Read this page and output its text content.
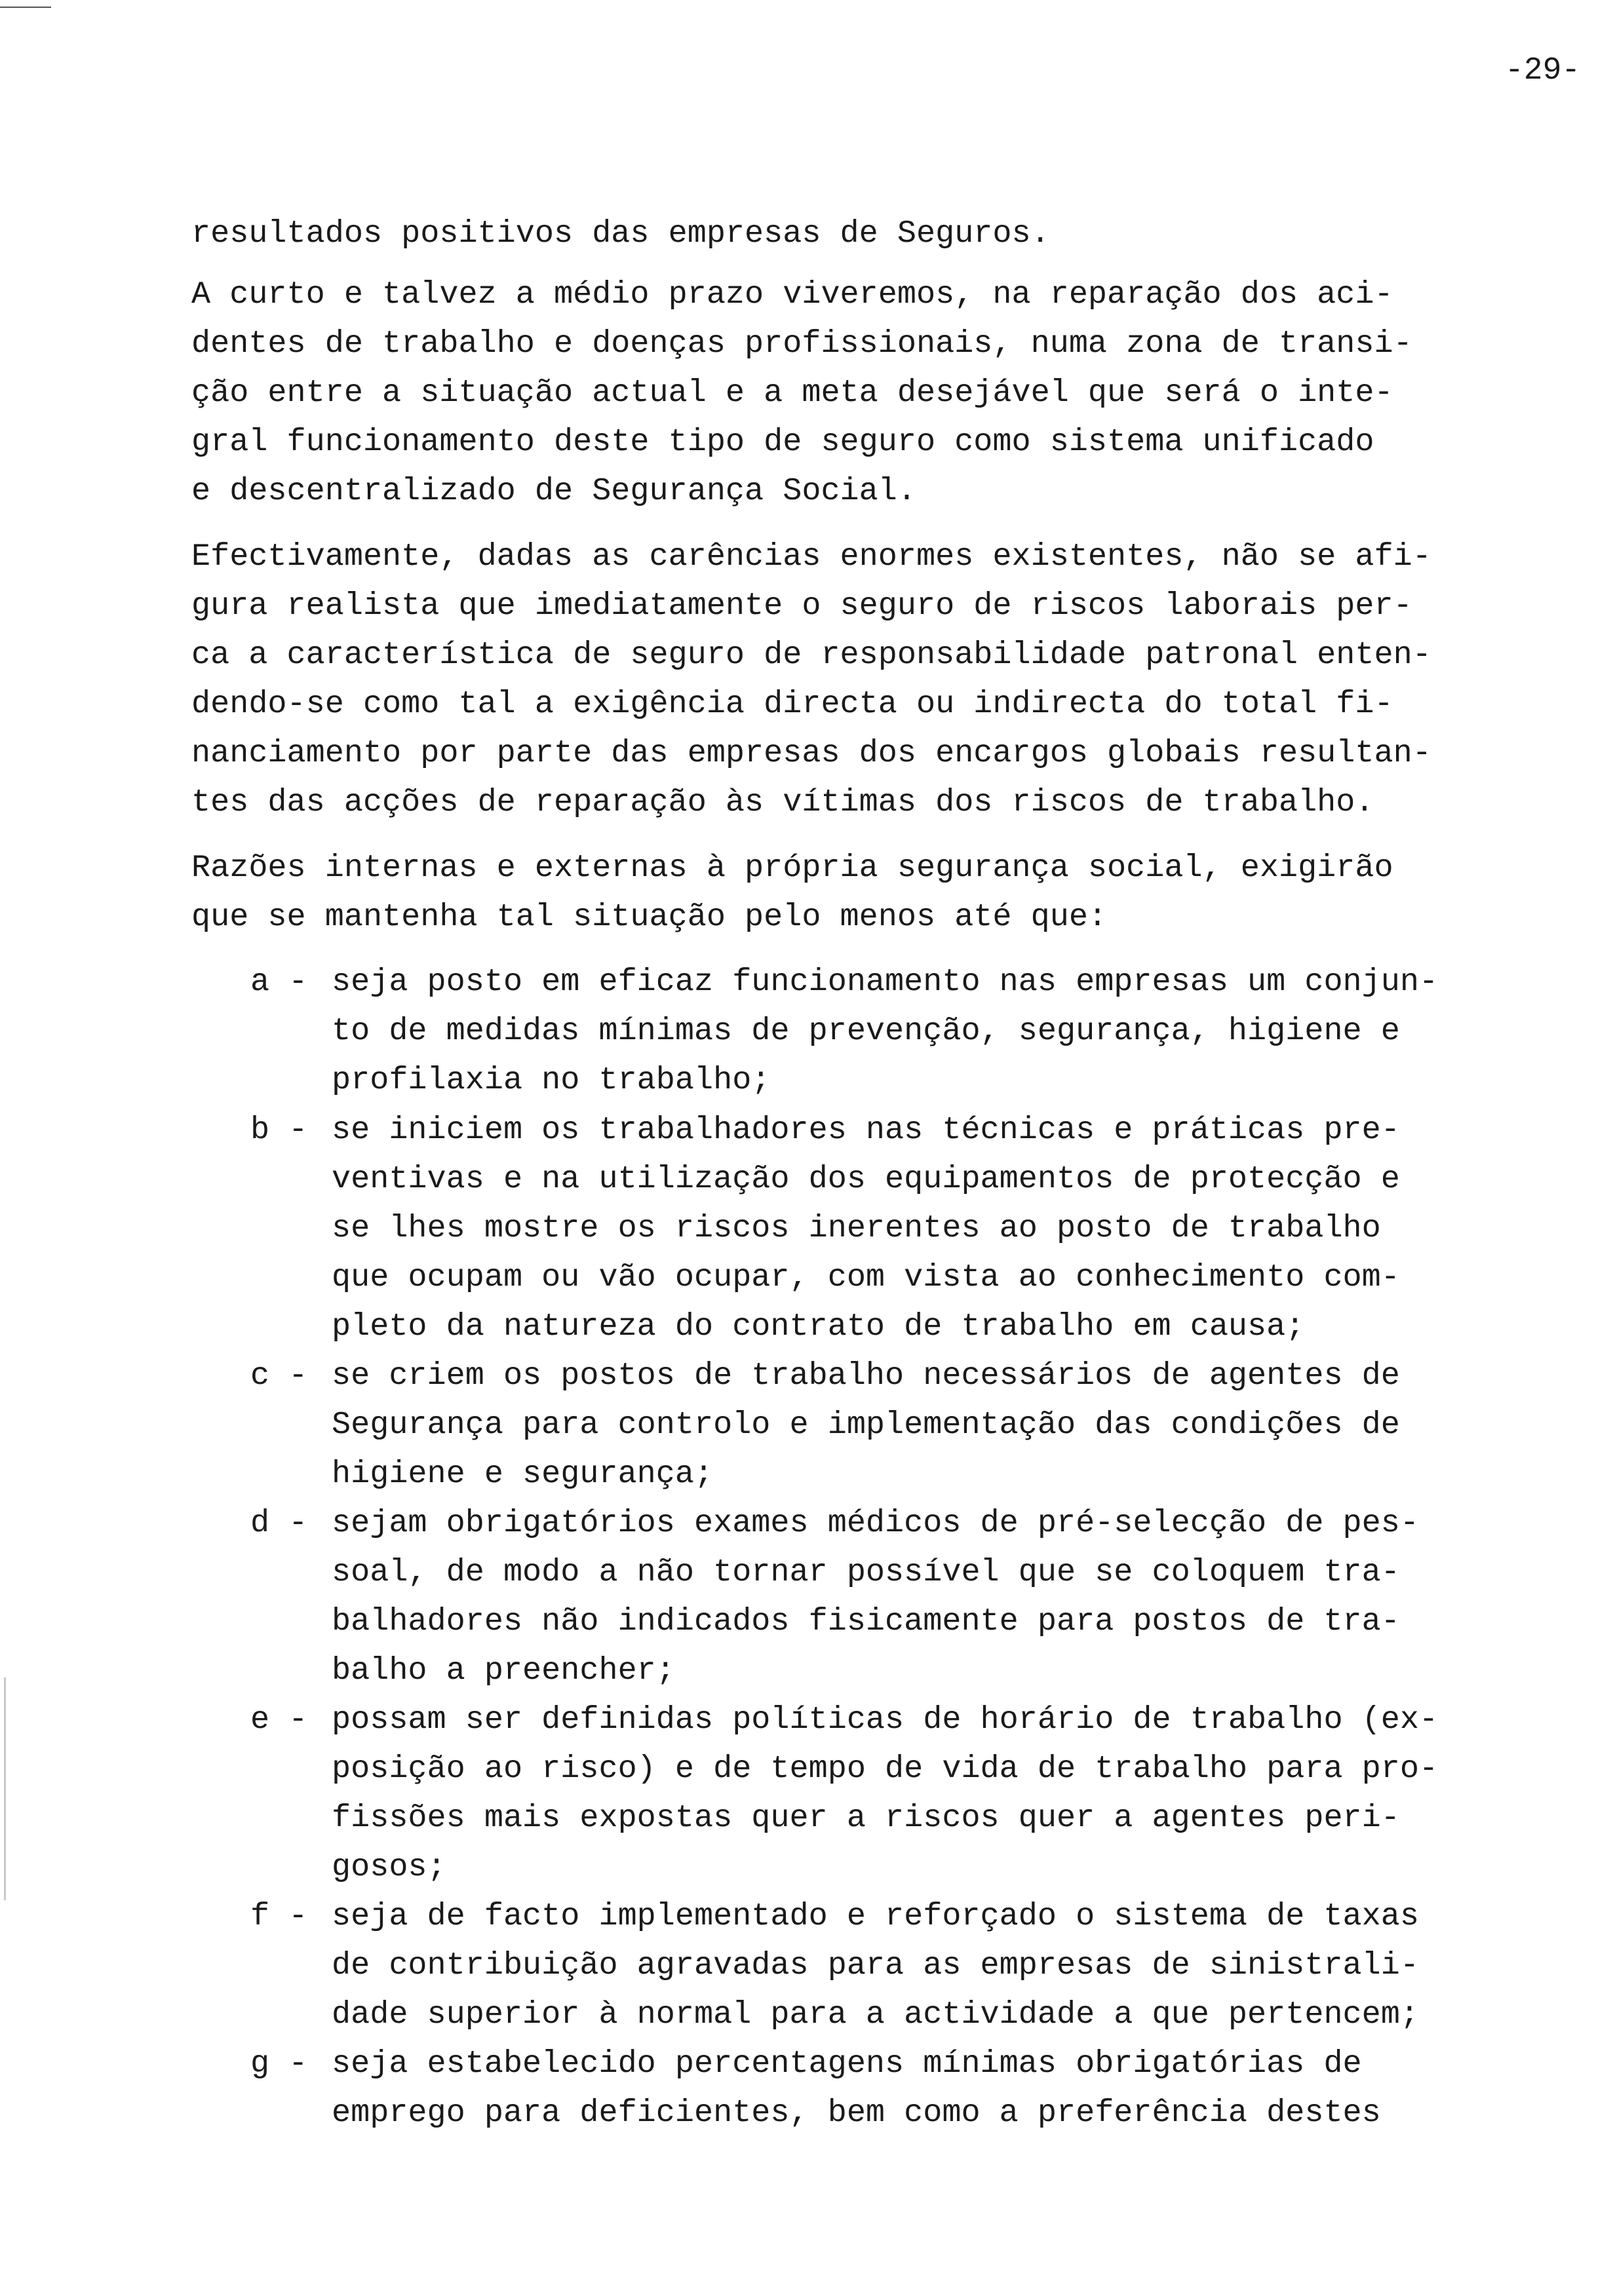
-29-
resultados positivos das empresas de Seguros.
A curto e talvez a médio prazo viveremos, na reparação dos aci-
dentes de trabalho e doenças profissionais, numa zona de transi-
ção entre a situação actual e a meta desejável que será o inte-
gral funcionamento deste tipo de seguro como sistema unificado
e descentralizado de Segurança Social.
Efectivamente, dadas as carências enormes existentes, não se afi-
gura realista que imediatamente o seguro de riscos laborais per-
ca a característica de seguro de responsabilidade patronal enten-
dendo-se como tal a exigência directa ou indirecta do total fi-
nanciamento por parte das empresas dos encargos globais resultan-
tes das acções de reparação às vítimas dos riscos de trabalho.
Razões internas e externas à própria segurança social, exigirão
que se mantenha tal situação pelo menos até que:
a - seja posto em eficaz funcionamento nas empresas um conjun-
to de medidas mínimas de prevenção, segurança, higiene e
profilaxia no trabalho;
b - se iniciem os trabalhadores nas técnicas e práticas pre-
ventivas e na utilização dos equipamentos de protecção e
se lhes mostre os riscos inerentes ao posto de trabalho
que ocupam ou vão ocupar, com vista ao conhecimento com-
pleto da natureza do contrato de trabalho em causa;
c - se criem os postos de trabalho necessários de agentes de
Segurança para controlo e implementação das condições de
higiene e segurança;
d - sejam obrigatórios exames médicos de pré-selecção de pes-
soal, de modo a não tornar possível que se coloquem tra-
balhadores não indicados fisicamente para postos de tra-
balho a preencher;
e - possam ser definidas políticas de horário de trabalho (ex-
posição ao risco) e de tempo de vida de trabalho para pro-
fissões mais expostas quer a riscos quer a agentes peri-
gosos;
f - seja de facto implementado e reforçado o sistema de taxas
de contribuição agravadas para as empresas de sinistrali-
dade superior à normal para a actividade a que pertencem;
g - seja estabelecido percentagens mínimas obrigatórias de
emprego para deficientes, bem como a preferência destes
